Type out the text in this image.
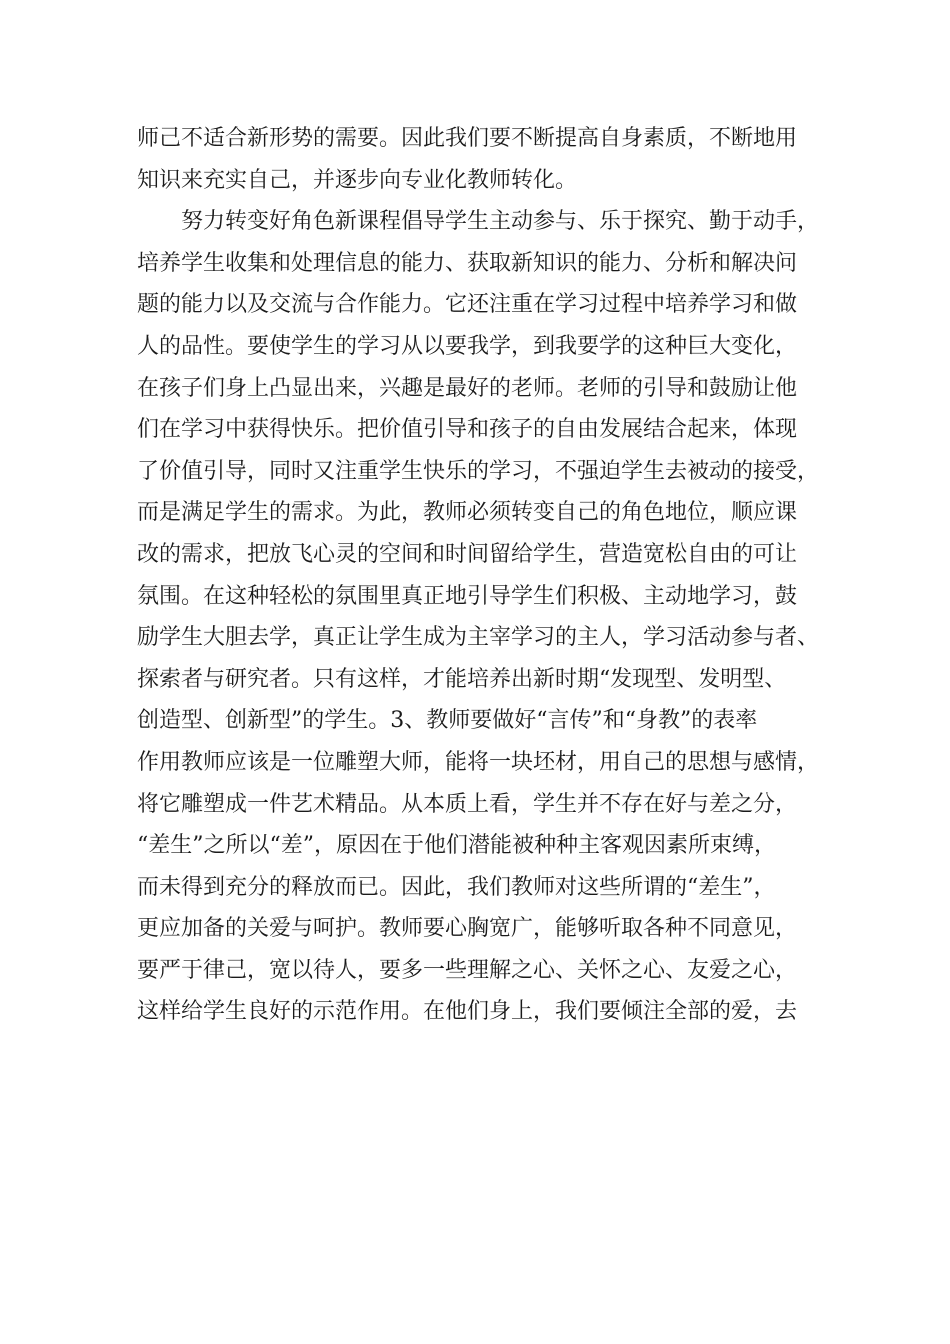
师己不适合新形势的需要。因此我们要不断提高自身素质，不断地用
知识来充实自己，并逐步向专业化教师转化。
　　努力转变好角色新课程倡导学生主动参与、乐于探究、勤于动手，
培养学生收集和处理信息的能力、获取新知识的能力、分析和解决问
题的能力以及交流与合作能力。它还注重在学习过程中培养学习和做
人的品性。要使学生的学习从以要我学，到我要学的这种巨大变化，
在孩子们身上凸显出来，兴趣是最好的老师。老师的引导和鼓励让他
们在学习中获得快乐。把价值引导和孩子的自由发展结合起来，体现
了价值引导，同时又注重学生快乐的学习，不强迫学生去被动的接受，
而是满足学生的需求。为此，教师必须转变自己的角色地位，顺应课
改的需求，把放飞心灵的空间和时间留给学生，营造宽松自由的可让
氛围。在这种轻松的氛围里真正地引导学生们积极、主动地学习，鼓
励学生大胆去学，真正让学生成为主宰学习的主人，学习活动参与者、
探索者与研究者。只有这样，才能培养出新时期“发现型、发明型、
创造型、创新型”的学生。3、教师要做好“言传”和“身教”的表率
作用教师应该是一位雕塑大师，能将一块坯材，用自己的思想与感情，
将它雕塑成一件艺术精品。从本质上看，学生并不存在好与差之分，
“差生”之所以“差”，原因在于他们潜能被种种主客观因素所束缚，
而未得到充分的释放而已。因此，我们教师对这些所谓的“差生”，
更应加备的关爱与呵护。教师要心胸宽广，能够听取各种不同意见，
要严于律己，宽以待人，要多一些理解之心、关怀之心、友爱之心，
这样给学生良好的示范作用。在他们身上，我们要倾注全部的爱，去
